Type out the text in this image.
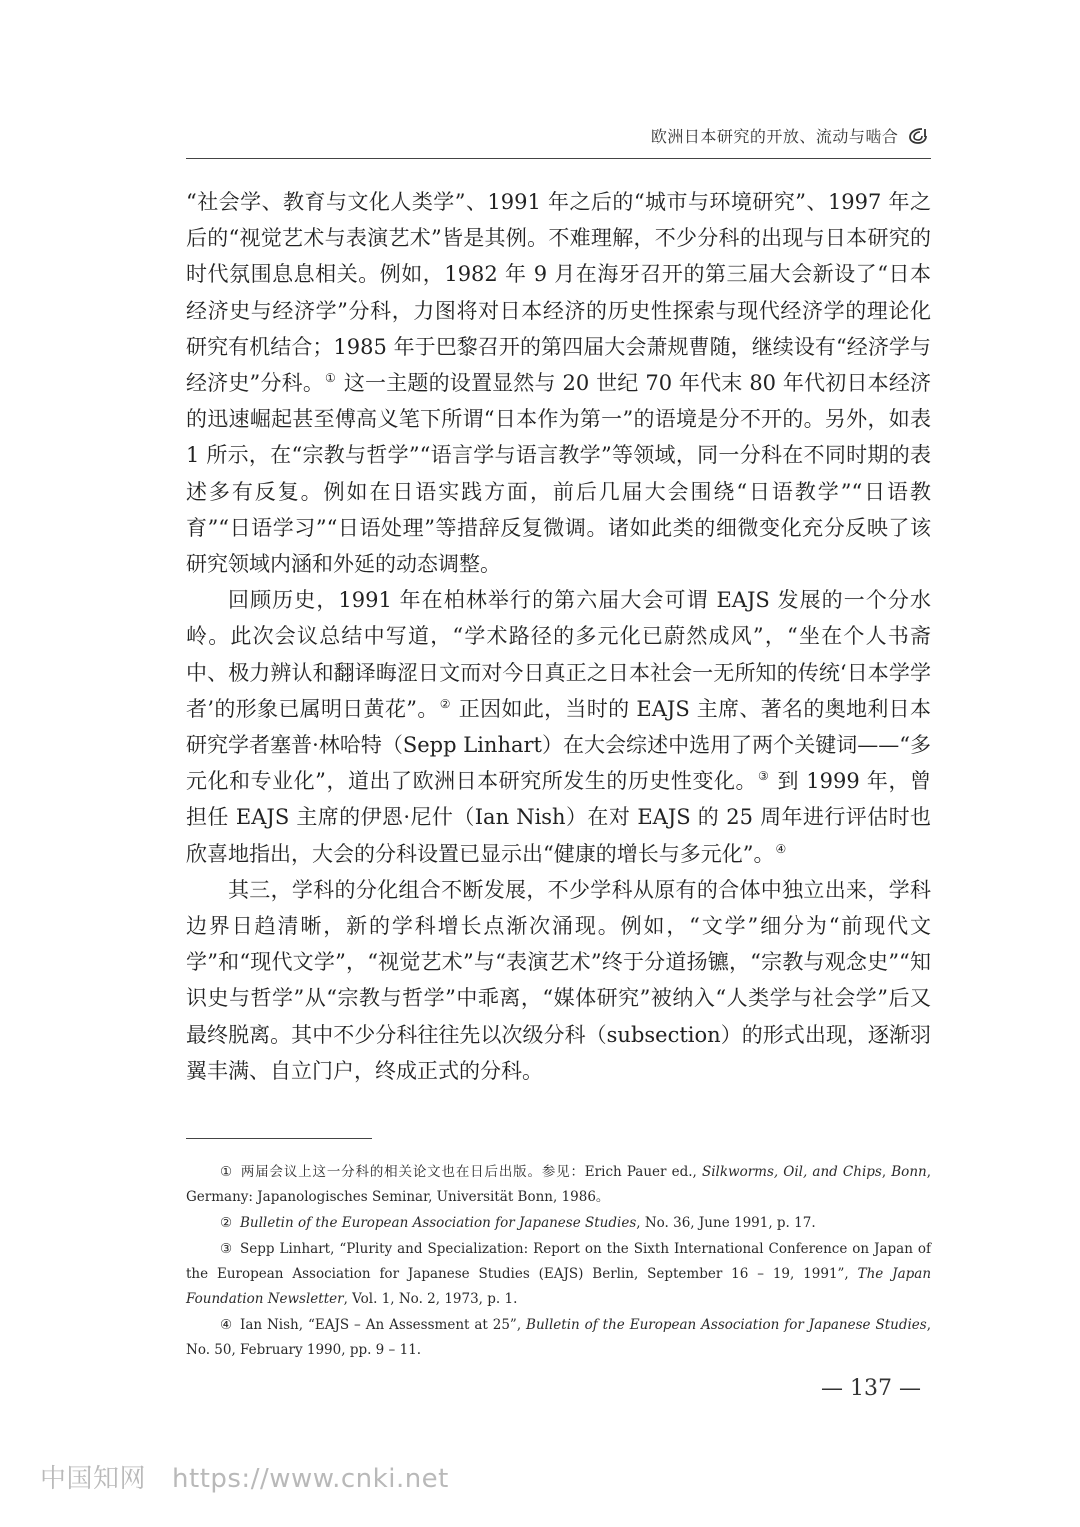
欧洲日本研究的开放、流动与啮合

“社会学、教育与文化人类学”、1991 年之后的“城市与环境研究”、1997 年之后的“视觉艺术与表演艺术”皆是其例。不难理解，不少分科的出现与日本研究的时代氛围息息相关。例如，1982 年 9 月在海牙召开的第三届大会新设了“日本经济史与经济学”分科，力图将对日本经济的历史性探索与现代经济学的理论化研究有机结合；1985 年于巴黎召开的第四届大会萧规曹随，继续设有“经济学与经济史”分科。① 这一主题的设置显然与 20 世纪 70 年代末 80 年代初日本经济的迅速崛起甚至傅高义笔下所谓“日本作为第一”的语境是分不开的。另外，如表 1 所示，在“宗教与哲学”“语言学与语言教学”等领域，同一分科在不同时期的表述多有反复。例如在日语实践方面，前后几届大会围绕“日语教学”“日语教育”“日语学习”“日语处理”等措辞反复微调。诸如此类的细微变化充分反映了该研究领域内涵和外延的动态调整。

回顾历史，1991 年在柏林举行的第六届大会可谓 EAJS 发展的一个分水岭。此次会议总结中写道，“学术路径的多元化已蔚然成风”，“坐在个人书斋中、极力辨认和翻译晦涩日文而对今日真正之日本社会一无所知的传统‘日本学学者’的形象已属明日黄花”。② 正因如此，当时的 EAJS 主席、著名的奥地利日本研究学者塞普·林哈特（Sepp Linhart）在大会综述中选用了两个关键词——“多元化和专业化”，道出了欧洲日本研究所发生的历史性变化。③ 到 1999 年，曾担任 EAJS 主席的伊恩·尼什（Ian Nish）在对 EAJS 的 25 周年进行评估时也欣喜地指出，大会的分科设置已显示出“健康的增长与多元化”。④

其三，学科的分化组合不断发展，不少学科从原有的合体中独立出来，学科边界日趋清晰，新的学科增长点渐次涌现。例如，“文学”细分为“前现代文学”和“现代文学”，“视觉艺术”与“表演艺术”终于分道扬镳，“宗教与观念史”“知识史与哲学”从“宗教与哲学”中乖离，“媒体研究”被纳入“人类学与社会学”后又最终脱离。其中不少分科往往先以次级分科（subsection）的形式出现，逐渐羽翼丰满、自立门户，终成正式的分科。

① 两届会议上这一分科的相关论文也在日后出版。参见：Erich Pauer ed., Silkworms, Oil, and Chips, Bonn, Germany: Japanologisches Seminar, Universität Bonn, 1986。

② Bulletin of the European Association for Japanese Studies, No. 36, June 1991, p. 17.

③ Sepp Linhart, “Plurity and Specialization: Report on the Sixth International Conference on Japan of the European Association for Japanese Studies (EAJS) Berlin, September 16 – 19, 1991”, The Japan Foundation Newsletter, Vol. 1, No. 2, 1973, p. 1.

④ Ian Nish, “EAJS – An Assessment at 25”, Bulletin of the European Association for Japanese Studies, No. 50, February 1990, pp. 9 – 11.

— 137 —
中国知网 https://www.cnki.net
